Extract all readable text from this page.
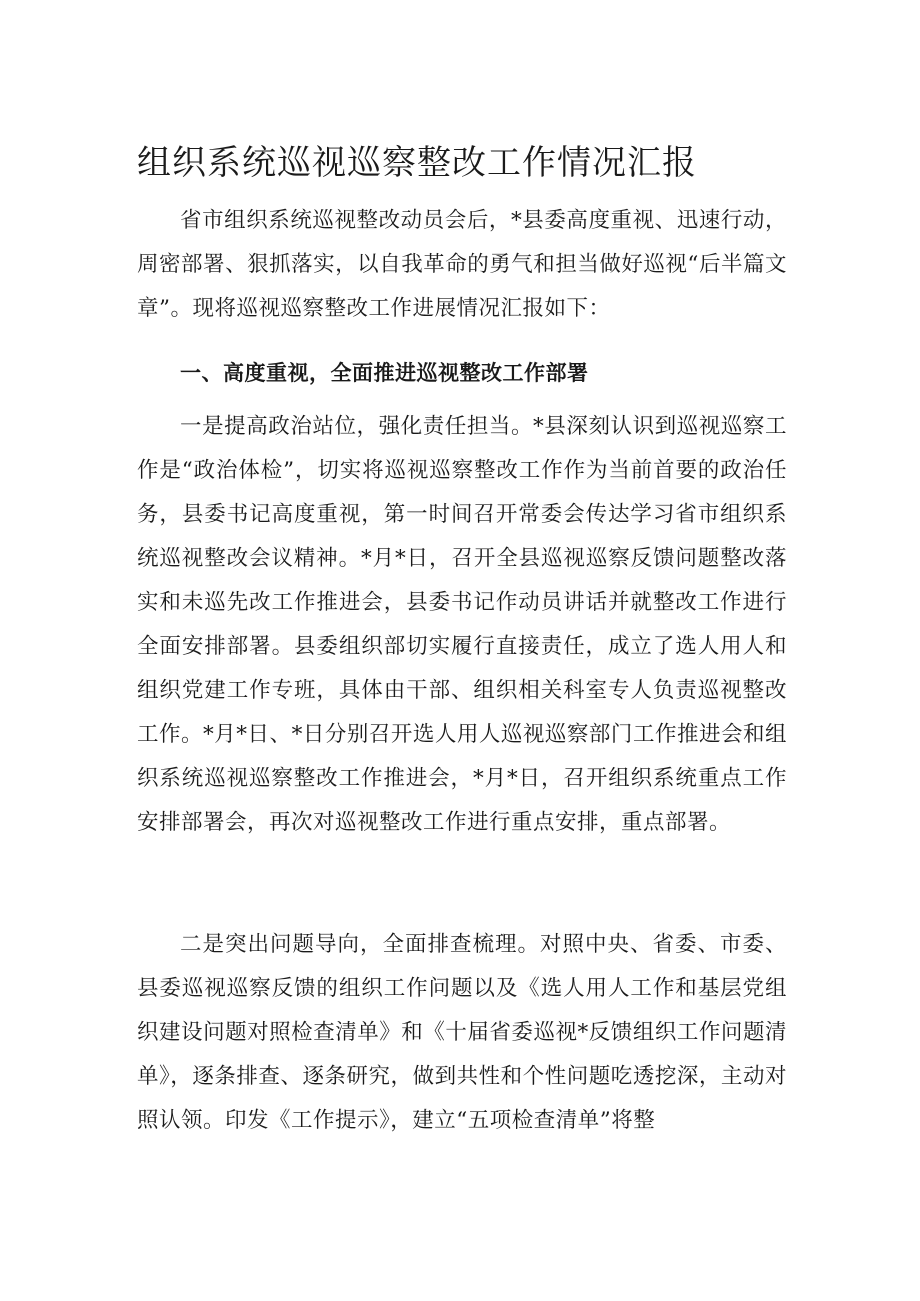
组织系统巡视巡察整改工作情况汇报

省市组织系统巡视整改动员会后，*县委高度重视、迅速行动，周密部署、狠抓落实，以自我革命的勇气和担当做好巡视“后半篇文章”。现将巡视巡察整改工作进展情况汇报如下：

一、高度重视，全面推进巡视整改工作部署

一是提高政治站位，强化责任担当。*县深刻认识到巡视巡察工作是“政治体检”，切实将巡视巡察整改工作作为当前首要的政治任务，县委书记高度重视，第一时间召开常委会传达学习省市组织系统巡视整改会议精神。*月*日，召开全县巡视巡察反馈问题整改落实和未巡先改工作推进会，县委书记作动员讲话并就整改工作进行全面安排部署。县委组织部切实履行直接责任，成立了选人用人和组织党建工作专班，具体由干部、组织相关科室专人负责巡视整改工作。*月*日、*日分别召开选人用人巡视巡察部门工作推进会和组织系统巡视巡察整改工作推进会，*月*日，召开组织系统重点工作安排部署会，再次对巡视整改工作进行重点安排，重点部署。

二是突出问题导向，全面排查梳理。对照中央、省委、市委、县委巡视巡察反馈的组织工作问题以及《选人用人工作和基层党组织建设问题对照检查清单》和《十届省委巡视*反馈组织工作问题清单》，逐条排查、逐条研究，做到共性和个性问题吃透挖深，主动对照认领。印发《工作提示》，建立“五项检查清单”将整
